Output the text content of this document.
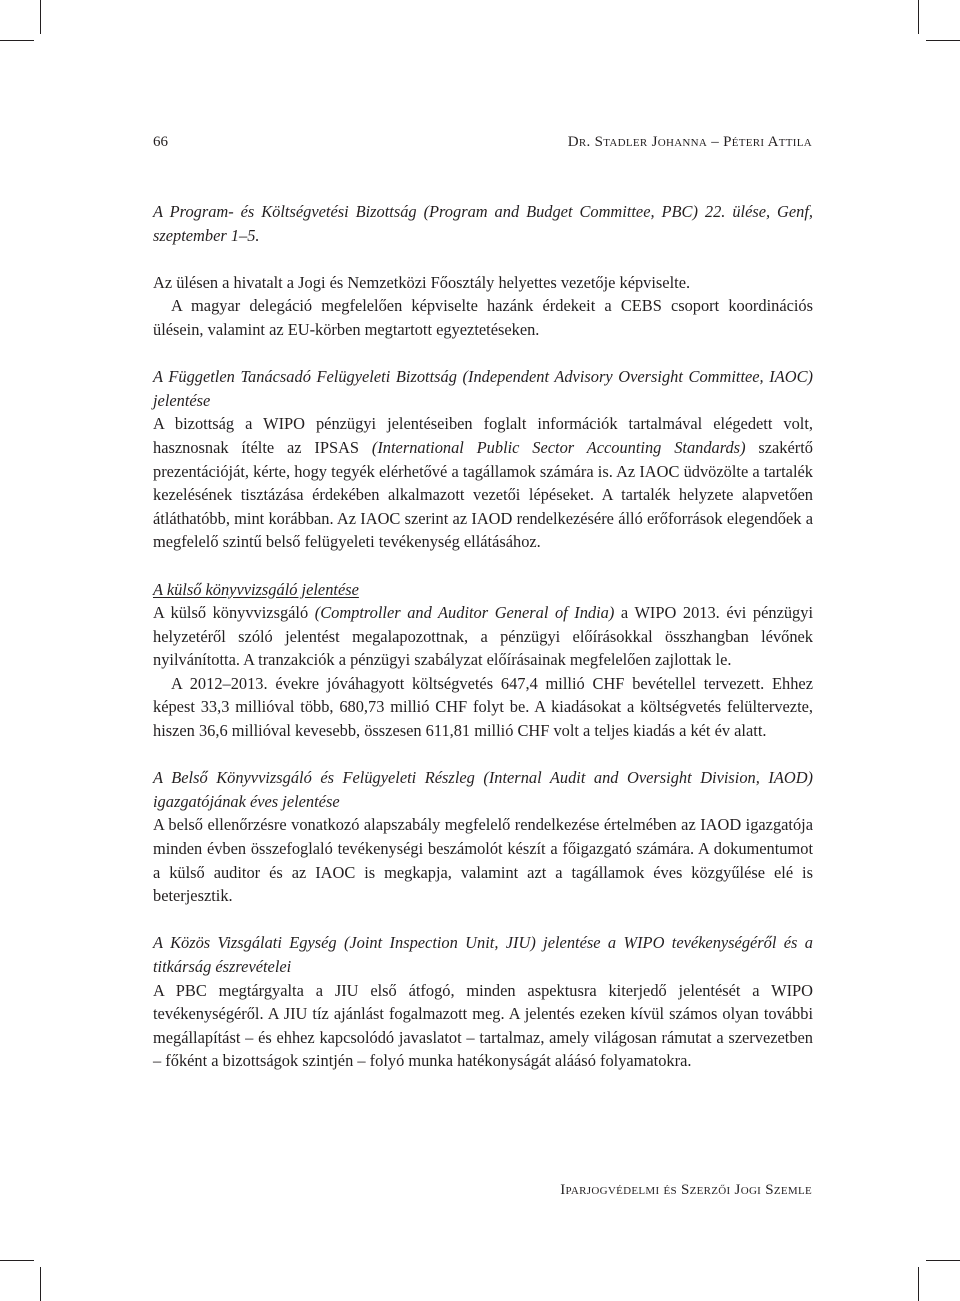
66	Dr. Stadler Johanna – Péteri Attila

A Program- és Költségvetési Bizottság (Program and Budget Committee, PBC) 22. ülése, Genf, szeptember 1–5.

Az ülésen a hivatalt a Jogi és Nemzetközi Főosztály helyettes vezetője képviselte.

A magyar delegáció megfelelően képviselte hazánk érdekeit a CEBS csoport koordinációs ülésein, valamint az EU-körben megtartott egyeztetéseken.

A Független Tanácsadó Felügyeleti Bizottság (Independent Advisory Oversight Committee, IAOC) jelentése

A bizottság a WIPO pénzügyi jelentéseiben foglalt információk tartalmával elégedett volt, hasznosnak ítélte az IPSAS (International Public Sector Accounting Standards) szakértő prezentációját, kérte, hogy tegyék elérhetővé a tagállamok számára is. Az IAOC üdvözölte a tartalék kezelésének tisztázása érdekében alkalmazott vezetői lépéseket. A tartalék helyzete alapvetően átláthatóbb, mint korábban. Az IAOC szerint az IAOD rendelkezésére álló erőforrások elegendőek a megfelelő szintű belső felügyeleti tevékenység ellátásához.

A külső könyvvizsgáló jelentése

A külső könyvvizsgáló (Comptroller and Auditor General of India) a WIPO 2013. évi pénzügyi helyzetéről szóló jelentést megalapozottnak, a pénzügyi előírásokkal összhangban lévőnek nyilvánította. A tranzakciók a pénzügyi szabályzat előírásainak megfelelően zajlottak le.

A 2012–2013. évekre jóváhagyott költségvetés 647,4 millió CHF bevétellel tervezett. Ehhez képest 33,3 millióval több, 680,73 millió CHF folyt be. A kiadásokat a költségvetés felültervezte, hiszen 36,6 millióval kevesebb, összesen 611,81 millió CHF volt a teljes kiadás a két év alatt.

A Belső Könyvvizsgáló és Felügyeleti Részleg (Internal Audit and Oversight Division, IAOD) igazgatójának éves jelentése

A belső ellenőrzésre vonatkozó alapszabály megfelelő rendelkezése értelmében az IAOD igazgatója minden évben összefoglaló tevékenységi beszámolót készít a főigazgató számára. A dokumentumot a külső auditor és az IAOC is megkapja, valamint azt a tagállamok éves közgyűlése elé is beterjesztik.

A Közös Vizsgálati Egység (Joint Inspection Unit, JIU) jelentése a WIPO tevékenységéről és a titkárság észrevételei

A PBC megtárgyalta a JIU első átfogó, minden aspektusra kiterjedő jelentését a WIPO tevékenységéről. A JIU tíz ajánlást fogalmazott meg. A jelentés ezeken kívül számos olyan további megállapítást – és ehhez kapcsolódó javaslatot – tartalmaz, amely világosan rámutat a szervezetben – főként a bizottságok szintjén – folyó munka hatékonyságát aláásó folyamatokra.

Iparjogvédelmi és Szerzői Jogi Szemle
